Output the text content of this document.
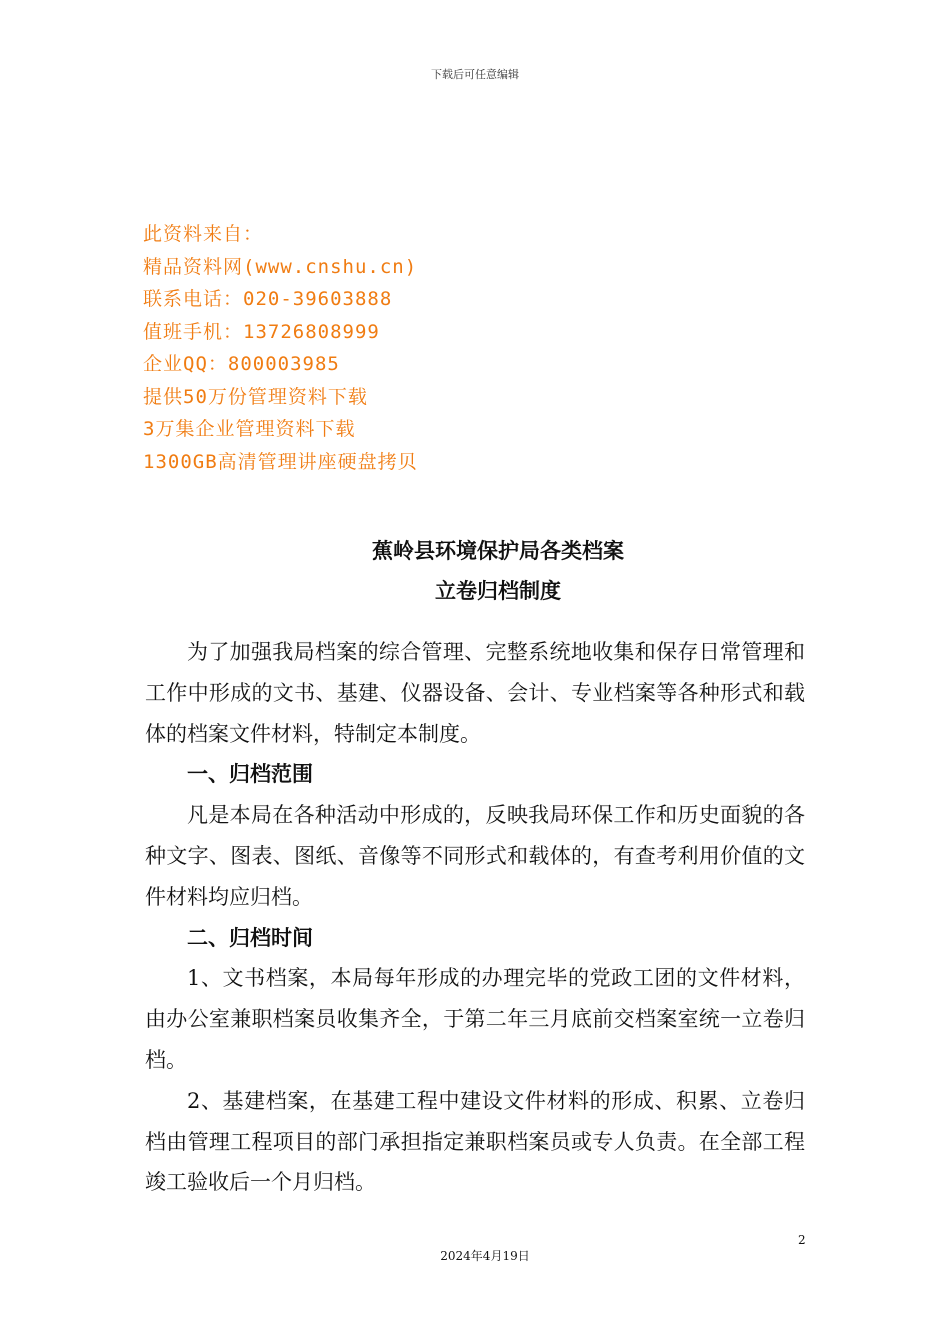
下载后可任意编辑
此资料来自：
精品资料网(www.cnshu.cn)
联系电话：020-39603888
值班手机：13726808999
企业QQ：800003985
提供50万份管理资料下载
3万集企业管理资料下载
1300GB高清管理讲座硬盘拷贝
蕉岭县环境保护局各类档案
立卷归档制度

为了加强我局档案的综合管理、完整系统地收集和保存日常管理和工作中形成的文书、基建、仪器设备、会计、专业档案等各种形式和载体的档案文件材料，特制定本制度。

一、归档范围

凡是本局在各种活动中形成的，反映我局环保工作和历史面貌的各种文字、图表、图纸、音像等不同形式和载体的，有查考利用价值的文件材料均应归档。

二、归档时间

1、文书档案，本局每年形成的办理完毕的党政工团的文件材料，由办公室兼职档案员收集齐全，于第二年三月底前交档案室统一立卷归档。

2、基建档案，在基建工程中建设文件材料的形成、积累、立卷归档由管理工程项目的部门承担指定兼职档案员或专人负责。在全部工程竣工验收后一个月归档。

2
2024年4月19日
